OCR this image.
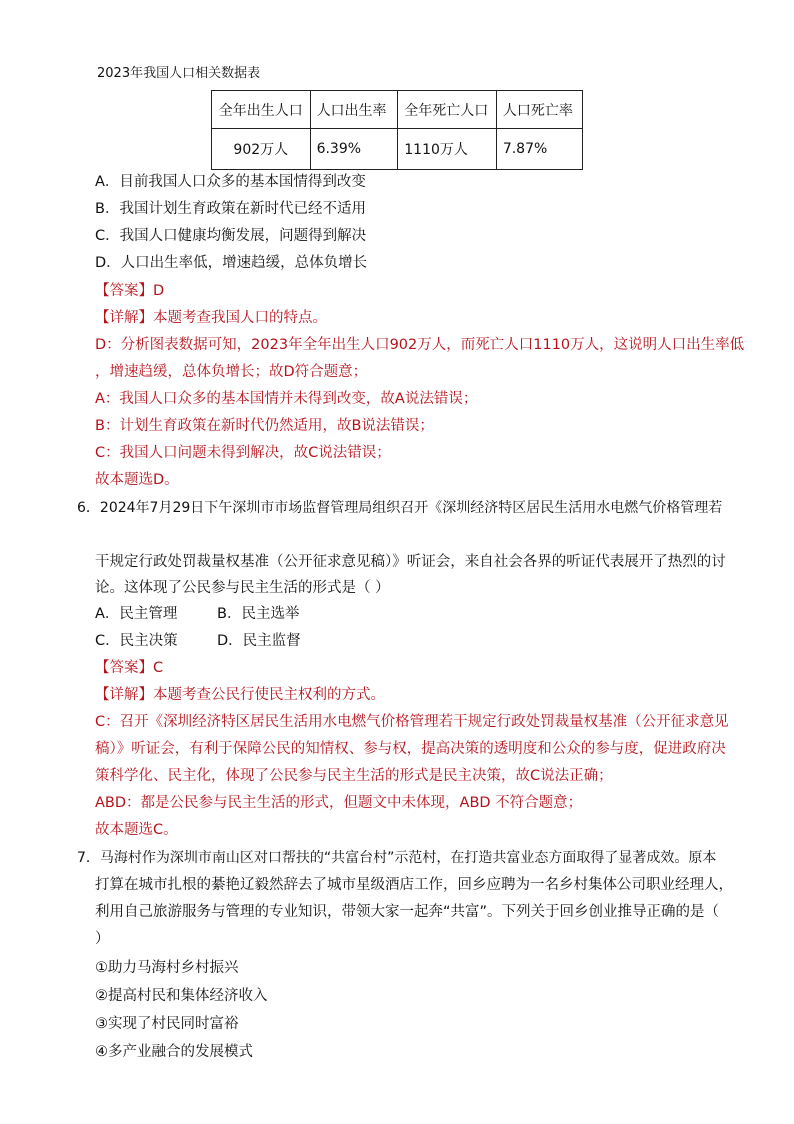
2023年我国人口相关数据表
全年出生人口	人口出生率	全年死亡人口	人口死亡率
902万人	6.39%	1110万人	7.87%
A．目前我国人口众多的基本国情得到改变
B．我国计划生育政策在新时代已经不适用
C．我国人口健康均衡发展，问题得到解决
D．人口出生率低，增速趋缓，总体负增长
【答案】D
【详解】本题考查我国人口的特点。
D：分析图表数据可知，2023年全年出生人口902万人，而死亡人口1110万人，这说明人口出生率低
，增速趋缓，总体负增长；故D符合题意；
A：我国人口众多的基本国情并未得到改变，故A说法错误；
B：计划生育政策在新时代仍然适用，故B说法错误；
C：我国人口问题未得到解决，故C说法错误；
故本题选D。
6．2024年7月29日下午深圳市市场监督管理局组织召开《深圳经济特区居民生活用水电燃气价格管理若
干规定行政处罚裁量权基准（公开征求意见稿）》听证会，来自社会各界的听证代表展开了热烈的讨
论。这体现了公民参与民主生活的形式是（ ）
A．民主管理	B．民主选举
C．民主决策	D．民主监督
【答案】C
【详解】本题考查公民行使民主权利的方式。
C：召开《深圳经济特区居民生活用水电燃气价格管理若干规定行政处罚裁量权基准（公开征求意见
稿）》听证会，有利于保障公民的知情权、参与权，提高决策的透明度和公众的参与度，促进政府决
策科学化、民主化，体现了公民参与民主生活的形式是民主决策，故C说法正确；
ABD：都是公民参与民主生活的形式，但题文中未体现，ABD 不符合题意；
故本题选C。
7．马海村作为深圳市南山区对口帮扶的“共富台村”示范村，在打造共富业态方面取得了显著成效。原本
打算在城市扎根的綦艳辽毅然辞去了城市星级酒店工作，回乡应聘为一名乡村集体公司职业经理人，
利用自己旅游服务与管理的专业知识，带领大家一起奔“共富”。下列关于回乡创业推导正确的是（
）
①助力马海村乡村振兴
②提高村民和集体经济收入
③实现了村民同时富裕
④多产业融合的发展模式
